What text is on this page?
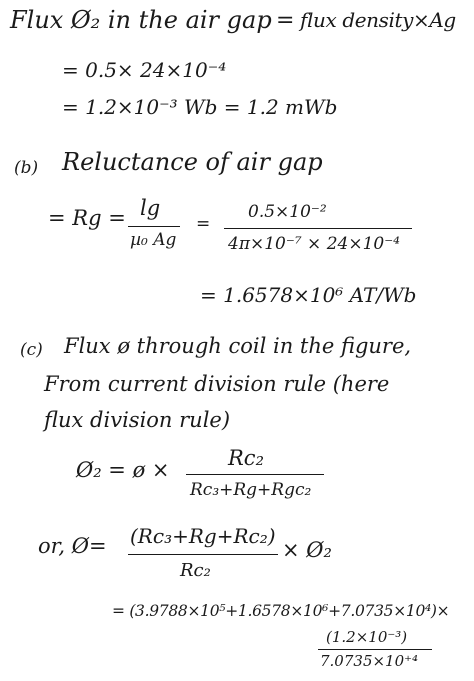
Flux Ø₂ in the air gap = flux density×Ag
= 0.5× 24×10⁻⁴
= 1.2×10⁻³ Wb = 1.2 mWb
(b) Reluctance of air gap
= Rg = lg
µ₀ Ag
=
0.5×10⁻²
4π×10⁻⁷ × 24×10⁻⁴
= 1.6578×10⁶ AT/Wb
(c) Flux ø through coil in the figure,
From current division rule (here
flux division rule)
Ø₂ = ø ×	Rc₂
Rc₃+Rg+Rgc₂
or, Ø= (Rc₃+Rg+Rc₂)
× Ø₂
Rc₂
= (3.9788×10⁵+1.6578×10⁶+7.0735×10⁴)×
(1.2×10⁻³)
7.0735×10⁺⁴
